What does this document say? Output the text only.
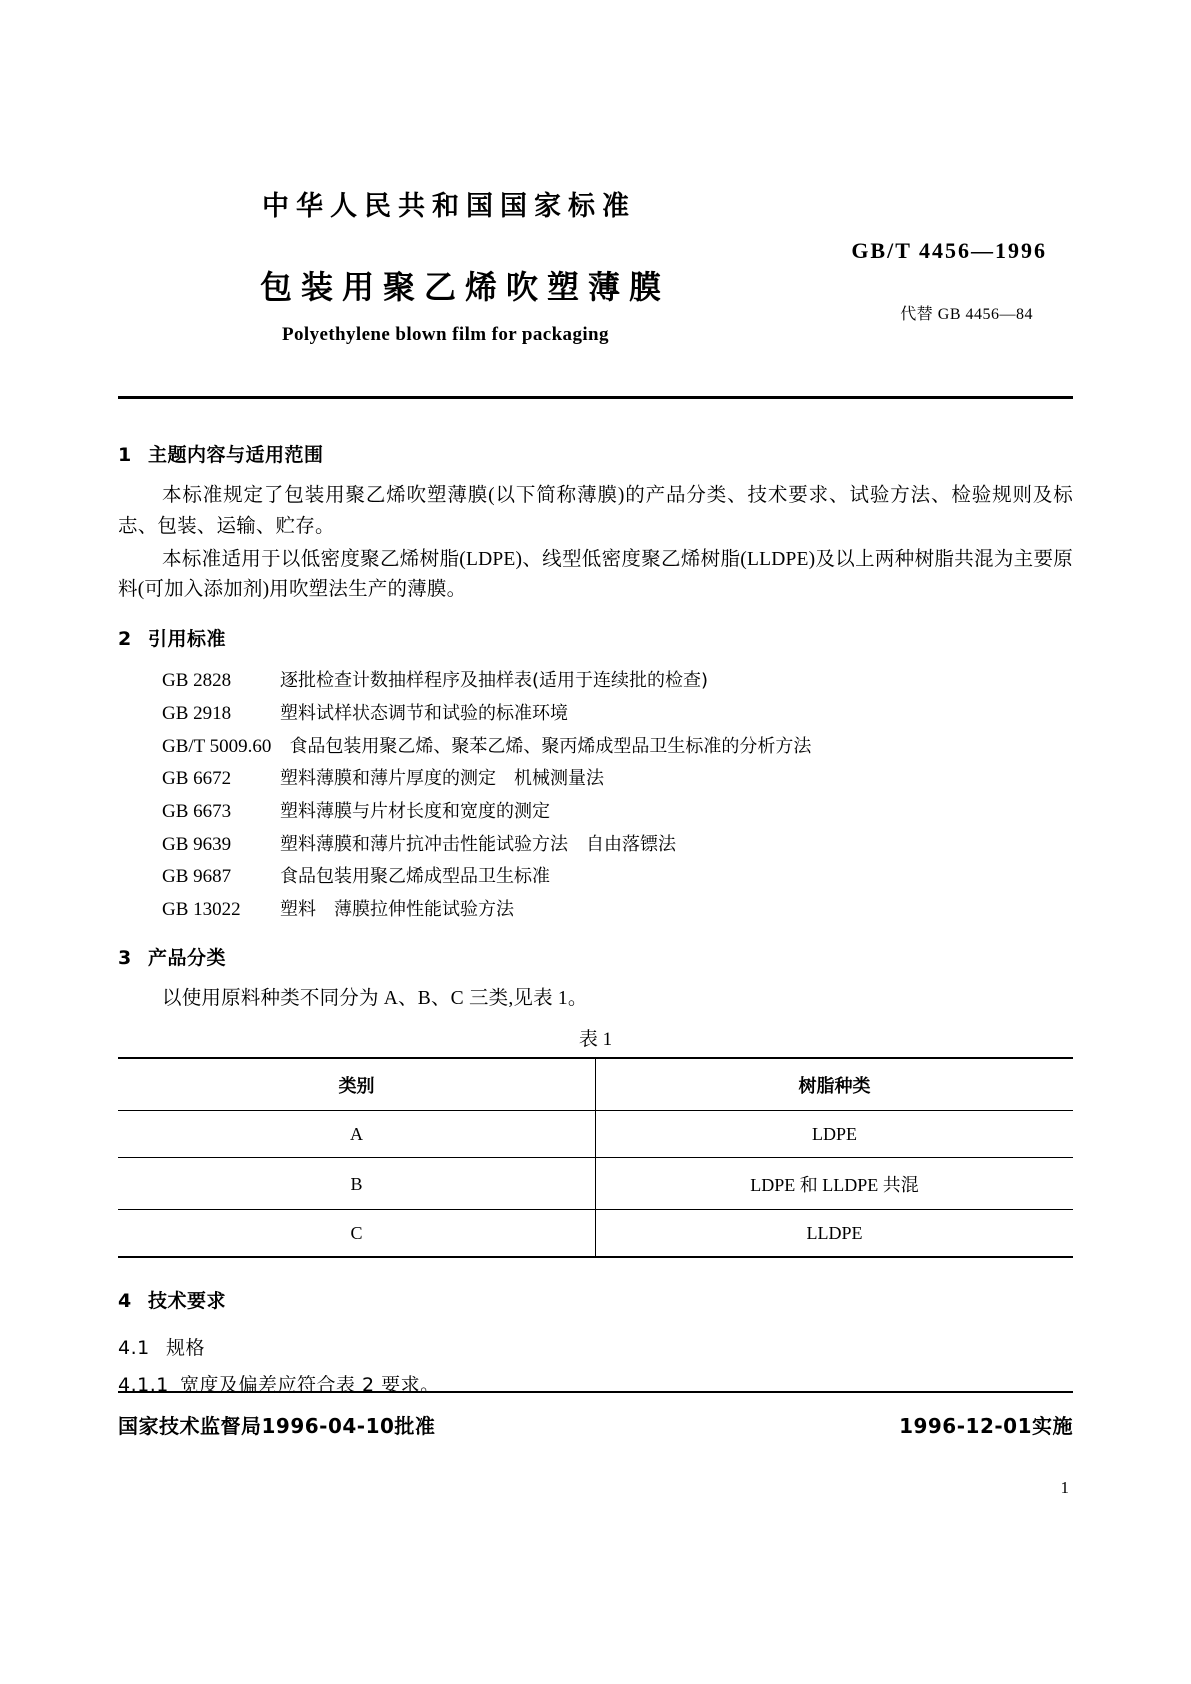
中华人民共和国国家标准
包装用聚乙烯吹塑薄膜
Polyethylene blown film for packaging
GB/T 4456—1996
代替 GB 4456—84
1 主题内容与适用范围

本标准规定了包装用聚乙烯吹塑薄膜(以下简称薄膜)的产品分类、技术要求、试验方法、检验规则及标志、包装、运输、贮存。

本标准适用于以低密度聚乙烯树脂(LDPE)、线型低密度聚乙烯树脂(LLDPE)及以上两种树脂共混为主要原料(可加入添加剂)用吹塑法生产的薄膜。

2 引用标准
GB 2828	逐批检查计数抽样程序及抽样表(适用于连续批的检查)
GB 2918	塑料试样状态调节和试验的标准环境
GB/T 5009.60 食品包装用聚乙烯、聚苯乙烯、聚丙烯成型品卫生标准的分析方法
GB 6672	塑料薄膜和薄片厚度的测定　机械测量法
GB 6673	塑料薄膜与片材长度和宽度的测定
GB 9639	塑料薄膜和薄片抗冲击性能试验方法　自由落镖法
GB 9687	食品包装用聚乙烯成型品卫生标准
GB 13022 塑料　薄膜拉伸性能试验方法
3 产品分类

以使用原料种类不同分为 A、B、C 三类,见表 1。

表 1
类别	树脂种类
A	LDPE
B	LDPE 和 LLDPE 共混
C	LLDPE
4 技术要求
4.1 规格
4.1.1 宽度及偏差应符合表 2 要求。
国家技术监督局1996-04-10批准	1996-12-01实施
1
